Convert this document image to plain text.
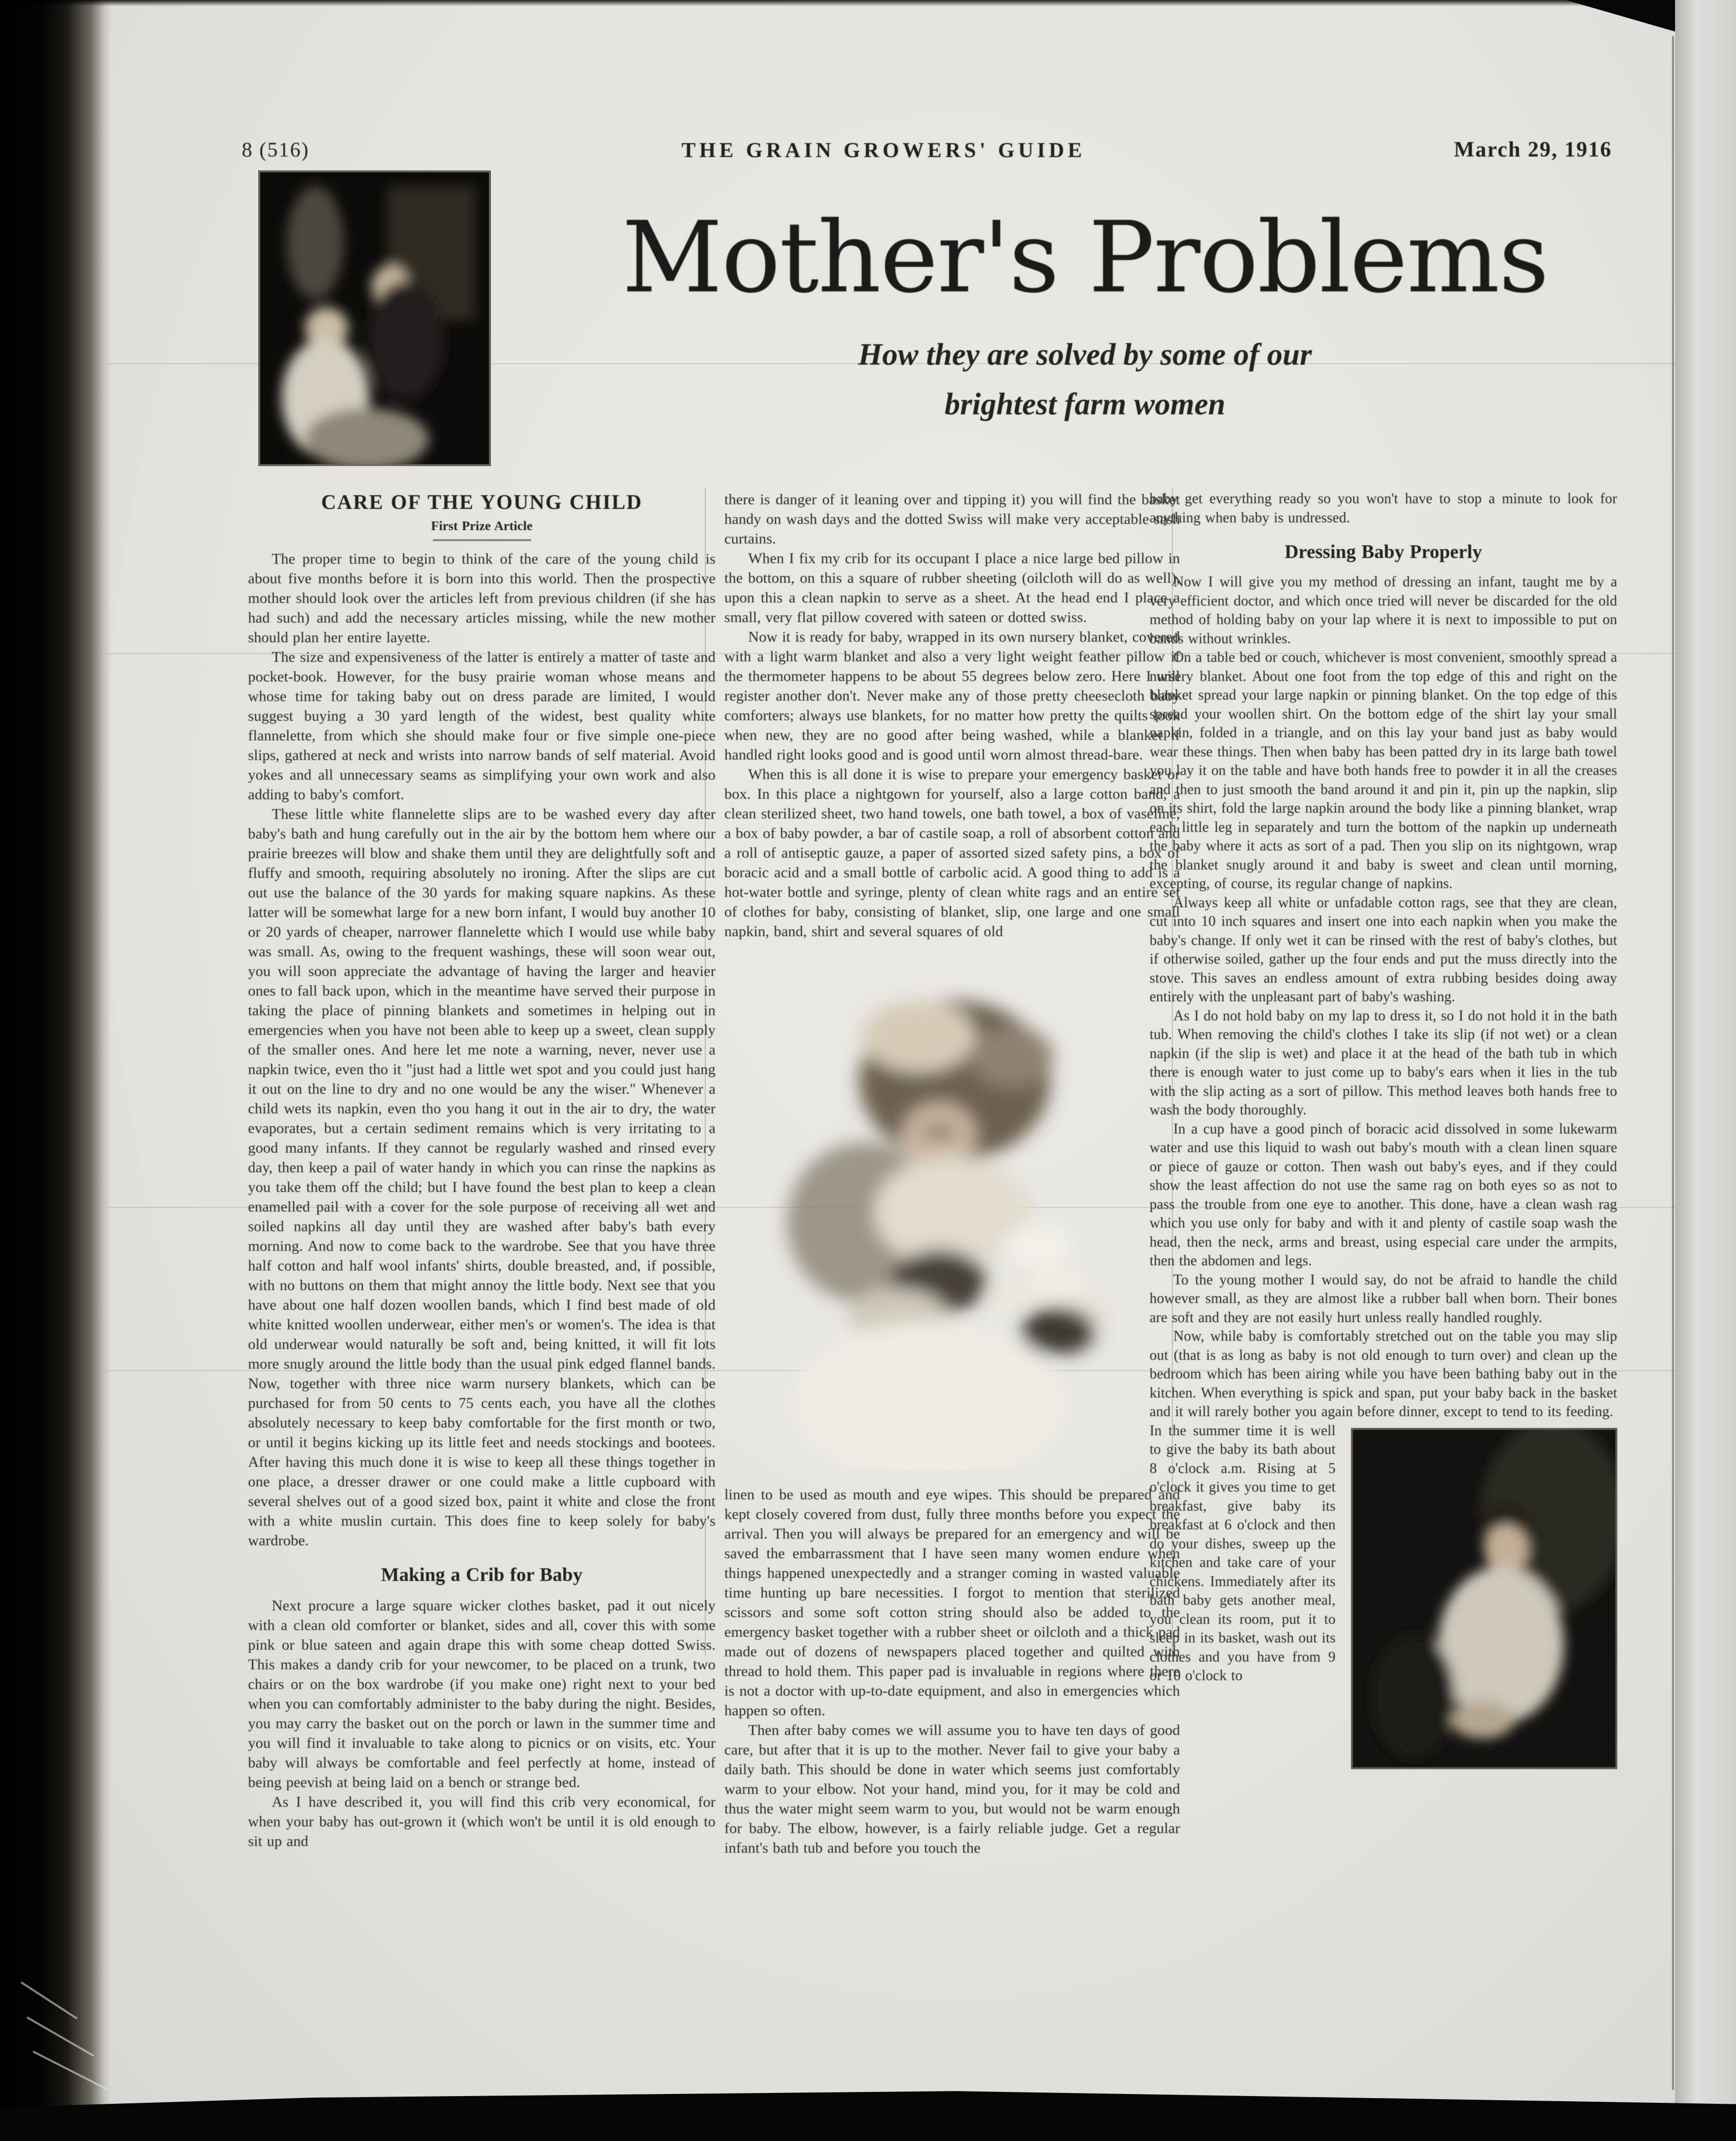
8 (516)	THE GRAIN GROWERS' GUIDE	March 29, 1916
Mother's Problems
How they are solved by some of our
brightest farm women
CARE OF THE YOUNG CHILD
First Prize Article

The proper time to begin to think of the care of the young child is about five months before it is born into this world. Then the prospective mother should look over the articles left from previous children (if she has had such) and add the necessary articles missing, while the new mother should plan her entire layette.

The size and expensiveness of the latter is entirely a matter of taste and pocket-book. However, for the busy prairie woman whose means and whose time for taking baby out on dress parade are limited, I would suggest buying a 30 yard length of the widest, best quality white flannelette, from which she should make four or five simple one-piece slips, gathered at neck and wrists into narrow bands of self material. Avoid yokes and all unnecessary seams as simplifying your own work and also adding to baby's comfort.

These little white flannelette slips are to be washed every day after baby's bath and hung carefully out in the air by the bottom hem where our prairie breezes will blow and shake them until they are delightfully soft and fluffy and smooth, requiring absolutely no ironing. After the slips are cut out use the balance of the 30 yards for making square napkins. As these latter will be somewhat large for a new born infant, I would buy another 10 or 20 yards of cheaper, narrower flannelette which I would use while baby was small. As, owing to the frequent washings, these will soon wear out, you will soon appreciate the advantage of having the larger and heavier ones to fall back upon, which in the meantime have served their purpose in taking the place of pinning blankets and sometimes in helping out in emergencies when you have not been able to keep up a sweet, clean supply of the smaller ones. And here let me note a warning, never, never use a napkin twice, even tho it "just had a little wet spot and you could just hang it out on the line to dry and no one would be any the wiser." Whenever a child wets its napkin, even tho you hang it out in the air to dry, the water evaporates, but a certain sediment remains which is very irritating to a good many infants. If they cannot be regularly washed and rinsed every day, then keep a pail of water handy in which you can rinse the napkins as you take them off the child; but I have found the best plan to keep a clean enamelled pail with a cover for the sole purpose of receiving all wet and soiled napkins all day until they are washed after baby's bath every morning. And now to come back to the wardrobe. See that you have three half cotton and half wool infants' shirts, double breasted, and, if possible, with no buttons on them that might annoy the little body. Next see that you have about one half dozen woollen bands, which I find best made of old white knitted woollen underwear, either men's or women's. The idea is that old underwear would naturally be soft and, being knitted, it will fit lots more snugly around the little body than the usual pink edged flannel bands. Now, together with three nice warm nursery blankets, which can be purchased for from 50 cents to 75 cents each, you have all the clothes absolutely necessary to keep baby comfortable for the first month or two, or until it begins kicking up its little feet and needs stockings and bootees. After having this much done it is wise to keep all these things together in one place, a dresser drawer or one could make a little cupboard with several shelves out of a good sized box, paint it white and close the front with a white muslin curtain. This does fine to keep solely for baby's wardrobe.

Making a Crib for Baby

Next procure a large square wicker clothes basket, pad it out nicely with a clean old comforter or blanket, sides and all, cover this with some pink or blue sateen and again drape this with some cheap dotted Swiss. This makes a dandy crib for your newcomer, to be placed on a trunk, two chairs or on the box wardrobe (if you make one) right next to your bed when you can comfortably administer to the baby during the night. Besides, you may carry the basket out on the porch or lawn in the summer time and you will find it invaluable to take along to picnics or on visits, etc. Your baby will always be comfortable and feel perfectly at home, instead of being peevish at being laid on a bench or strange bed.

As I have described it, you will find this crib very economical, for when your baby has out-grown it (which won't be until it is old enough to sit up and

there is danger of it leaning over and tipping it) you will find the basket handy on wash days and the dotted Swiss will make very acceptable sash curtains.

When I fix my crib for its occupant I place a nice large bed pillow in the bottom, on this a square of rubber sheeting (oilcloth will do as well), upon this a clean napkin to serve as a sheet. At the head end I place a small, very flat pillow covered with sateen or dotted swiss.

Now it is ready for baby, wrapped in its own nursery blanket, covered with a light warm blanket and also a very light weight feather pillow if the thermometer happens to be about 55 degrees below zero. Here I will register another don't. Never make any of those pretty cheesecloth baby comforters; always use blankets, for no matter how pretty the quilts look when new, they are no good after being washed, while a blanket if handled right looks good and is good until worn almost thread-bare.

When this is all done it is wise to prepare your emergency basket or box. In this place a nightgown for yourself, also a large cotton band, a clean sterilized sheet, two hand towels, one bath towel, a box of vaseline, a box of baby powder, a bar of castile soap, a roll of absorbent cotton and a roll of antiseptic gauze, a paper of assorted sized safety pins, a box of boracic acid and a small bottle of carbolic acid. A good thing to add is a hot-water bottle and syringe, plenty of clean white rags and an entire set of clothes for baby, consisting of blanket, slip, one large and one small napkin, band, shirt and several squares of old

linen to be used as mouth and eye wipes. This should be prepared and kept closely covered from dust, fully three months before you expect the arrival. Then you will always be prepared for an emergency and will be saved the embarrassment that I have seen many women endure when things happened unexpectedly and a stranger coming in wasted valuable time hunting up bare necessities. I forgot to mention that sterilized scissors and some soft cotton string should also be added to the emergency basket together with a rubber sheet or oilcloth and a thick pad made out of dozens of newspapers placed together and quilted with thread to hold them. This paper pad is invaluable in regions where there is not a doctor with up-to-date equipment, and also in emergencies which happen so often.

Then after baby comes we will assume you to have ten days of good care, but after that it is up to the mother. Never fail to give your baby a daily bath. This should be done in water which seems just comfortably warm to your elbow. Not your hand, mind you, for it may be cold and thus the water might seem warm to you, but would not be warm enough for baby. The elbow, however, is a fairly reliable judge. Get a regular infant's bath tub and before you touch the

baby get everything ready so you won't have to stop a minute to look for anything when baby is undressed.

Dressing Baby Properly

Now I will give you my method of dressing an infant, taught me by a very efficient doctor, and which once tried will never be discarded for the old method of holding baby on your lap where it is next to impossible to put on bands without wrinkles.

On a table bed or couch, whichever is most convenient, smoothly spread a nursery blanket. About one foot from the top edge of this and right on the blanket spread your large napkin or pinning blanket. On the top edge of this spread your woollen shirt. On the bottom edge of the shirt lay your small napkin, folded in a triangle, and on this lay your band just as baby would wear these things. Then when baby has been patted dry in its large bath towel you lay it on the table and have both hands free to powder it in all the creases and then to just smooth the band around it and pin it, pin up the napkin, slip on its shirt, fold the large napkin around the body like a pinning blanket, wrap each little leg in separately and turn the bottom of the napkin up underneath the baby where it acts as sort of a pad. Then you slip on its nightgown, wrap the blanket snugly around it and baby is sweet and clean until morning, excepting, of course, its regular change of napkins.

Always keep all white or unfadable cotton rags, see that they are clean, cut into 10 inch squares and insert one into each napkin when you make the baby's change. If only wet it can be rinsed with the rest of baby's clothes, but if otherwise soiled, gather up the four ends and put the muss directly into the stove. This saves an endless amount of extra rubbing besides doing away entirely with the unpleasant part of baby's washing.

As I do not hold baby on my lap to dress it, so I do not hold it in the bath tub. When removing the child's clothes I take its slip (if not wet) or a clean napkin (if the slip is wet) and place it at the head of the bath tub in which there is enough water to just come up to baby's ears when it lies in the tub with the slip acting as a sort of pillow. This method leaves both hands free to wash the body thoroughly.

In a cup have a good pinch of boracic acid dissolved in some lukewarm water and use this liquid to wash out baby's mouth with a clean linen square or piece of gauze or cotton. Then wash out baby's eyes, and if they could show the least affection do not use the same rag on both eyes so as not to pass the trouble from one eye to another. This done, have a clean wash rag which you use only for baby and with it and plenty of castile soap wash the head, then the neck, arms and breast, using especial care under the armpits, then the abdomen and legs.

To the young mother I would say, do not be afraid to handle the child however small, as they are almost like a rubber ball when born. Their bones are soft and they are not easily hurt unless really handled roughly.

Now, while baby is comfortably stretched out on the table you may slip out (that is as long as baby is not old enough to turn over) and clean up the bedroom which has been airing while you have been bathing baby out in the kitchen. When everything is spick and span, put your baby back in the basket and it will rarely bother you again before dinner, except to tend to its feeding.

In the summer time it is well to give the baby its bath about 8 o'clock a.m. Rising at 5 o'clock it gives you time to get breakfast, give baby its breakfast at 6 o'clock and then do your dishes, sweep up the kitchen and take care of your chickens. Immediately after its bath baby gets another meal, you clean its room, put it to sleep in its basket, wash out its clothes and you have from 9 or 10 o'clock to
